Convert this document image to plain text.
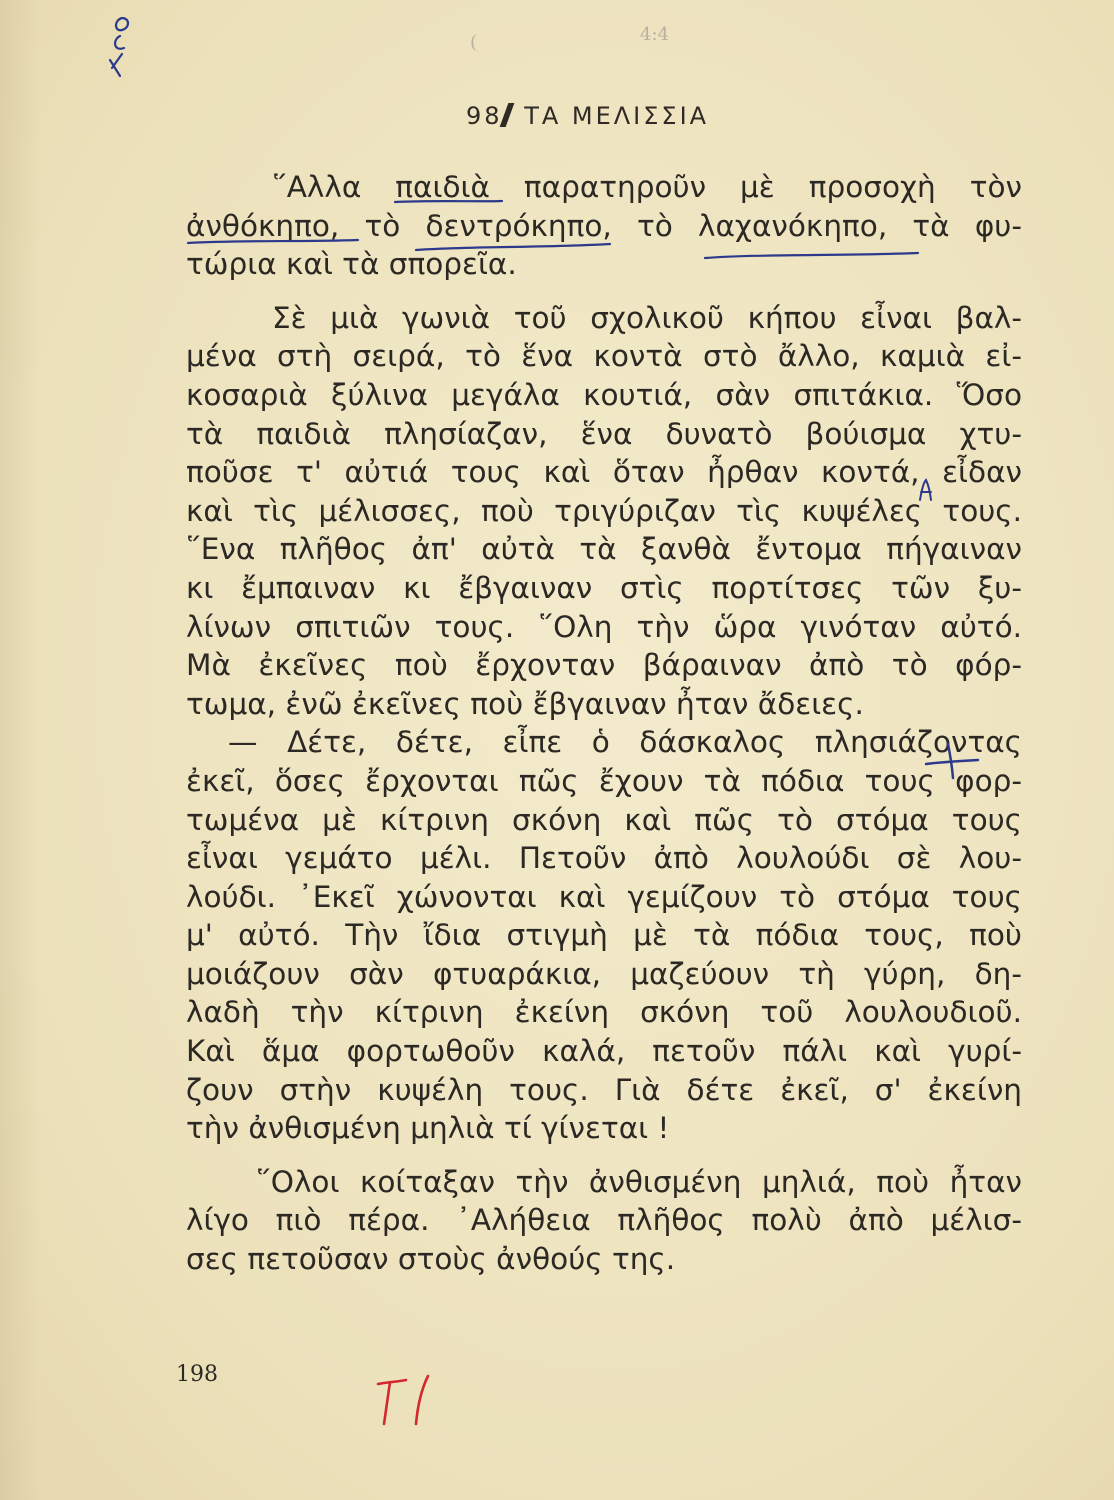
(	4:4
98 ΤΑ ΜΕΛΙΣΣΙΑ
῞Αλλα παιδιὰ παρατηροῦν μὲ προσοχὴ τὸν
ἀνθόκηπο, τὸ δεντρόκηπο, τὸ λαχανόκηπο, τὰ φυ-
τώρια καὶ τὰ σπορεῖα.
Σὲ μιὰ γωνιὰ τοῦ σχολικοῦ κήπου εἶναι βαλ-
μένα στὴ σειρά, τὸ ἕνα κοντὰ στὸ ἄλλο, καμιὰ εἰ-
κοσαριὰ ξύλινα μεγάλα κουτιά, σὰν σπιτάκια. Ὅσο
τὰ παιδιὰ πλησίαζαν, ἕνα δυνατὸ βούισμα χτυ-
ποῦσε τ' αὐτιά τους καὶ ὅταν ἦρθαν κοντά, εἶδαν
καὶ τὶς μέλισσες, ποὺ τριγύριζαν τὶς κυψέλες τους.
῞Ενα πλῆθος ἀπ' αὐτὰ τὰ ξανθὰ ἔντομα πήγαιναν
κι ἔμπαιναν κι ἔβγαιναν στὶς πορτίτσες τῶν ξυ-
λίνων σπιτιῶν τους. ῞Ολη τὴν ὥρα γινόταν αὐτό.
Μὰ ἐκεῖνες ποὺ ἔρχονταν βάραιναν ἀπὸ τὸ φόρ-
τωμα, ἐνῶ ἐκεῖνες ποὺ ἔβγαιναν ἦταν ἄδειες.
— Δέτε, δέτε, εἶπε ὁ δάσκαλος πλησιάζοντας
ἐκεῖ, ὅσες ἔρχονται πῶς ἔχουν τὰ πόδια τους φορ-
τωμένα μὲ κίτρινη σκόνη καὶ πῶς τὸ στόμα τους
εἶναι γεμάτο μέλι. Πετοῦν ἀπὸ λουλούδι σὲ λου-
λούδι. ᾿Εκεῖ χώνονται καὶ γεμίζουν τὸ στόμα τους
μ' αὐτό. Τὴν ἴδια στιγμὴ μὲ τὰ πόδια τους, ποὺ
μοιάζουν σὰν φτυαράκια, μαζεύουν τὴ γύρη, δη-
λαδὴ τὴν κίτρινη ἐκείνη σκόνη τοῦ λουλουδιοῦ.
Καὶ ἅμα φορτωθοῦν καλά, πετοῦν πάλι καὶ γυρί-
ζουν στὴν κυψέλη τους. Γιὰ δέτε ἐκεῖ, σ' ἐκείνη
τὴν ἀνθισμένη μηλιὰ τί γίνεται !
῞Ολοι κοίταξαν τὴν ἀνθισμένη μηλιά, ποὺ ἦταν
λίγο πιὸ πέρα. ᾿Αλήθεια πλῆθος πολὺ ἀπὸ μέλισ-
σες πετοῦσαν στοὺς ἀνθούς της.
198
